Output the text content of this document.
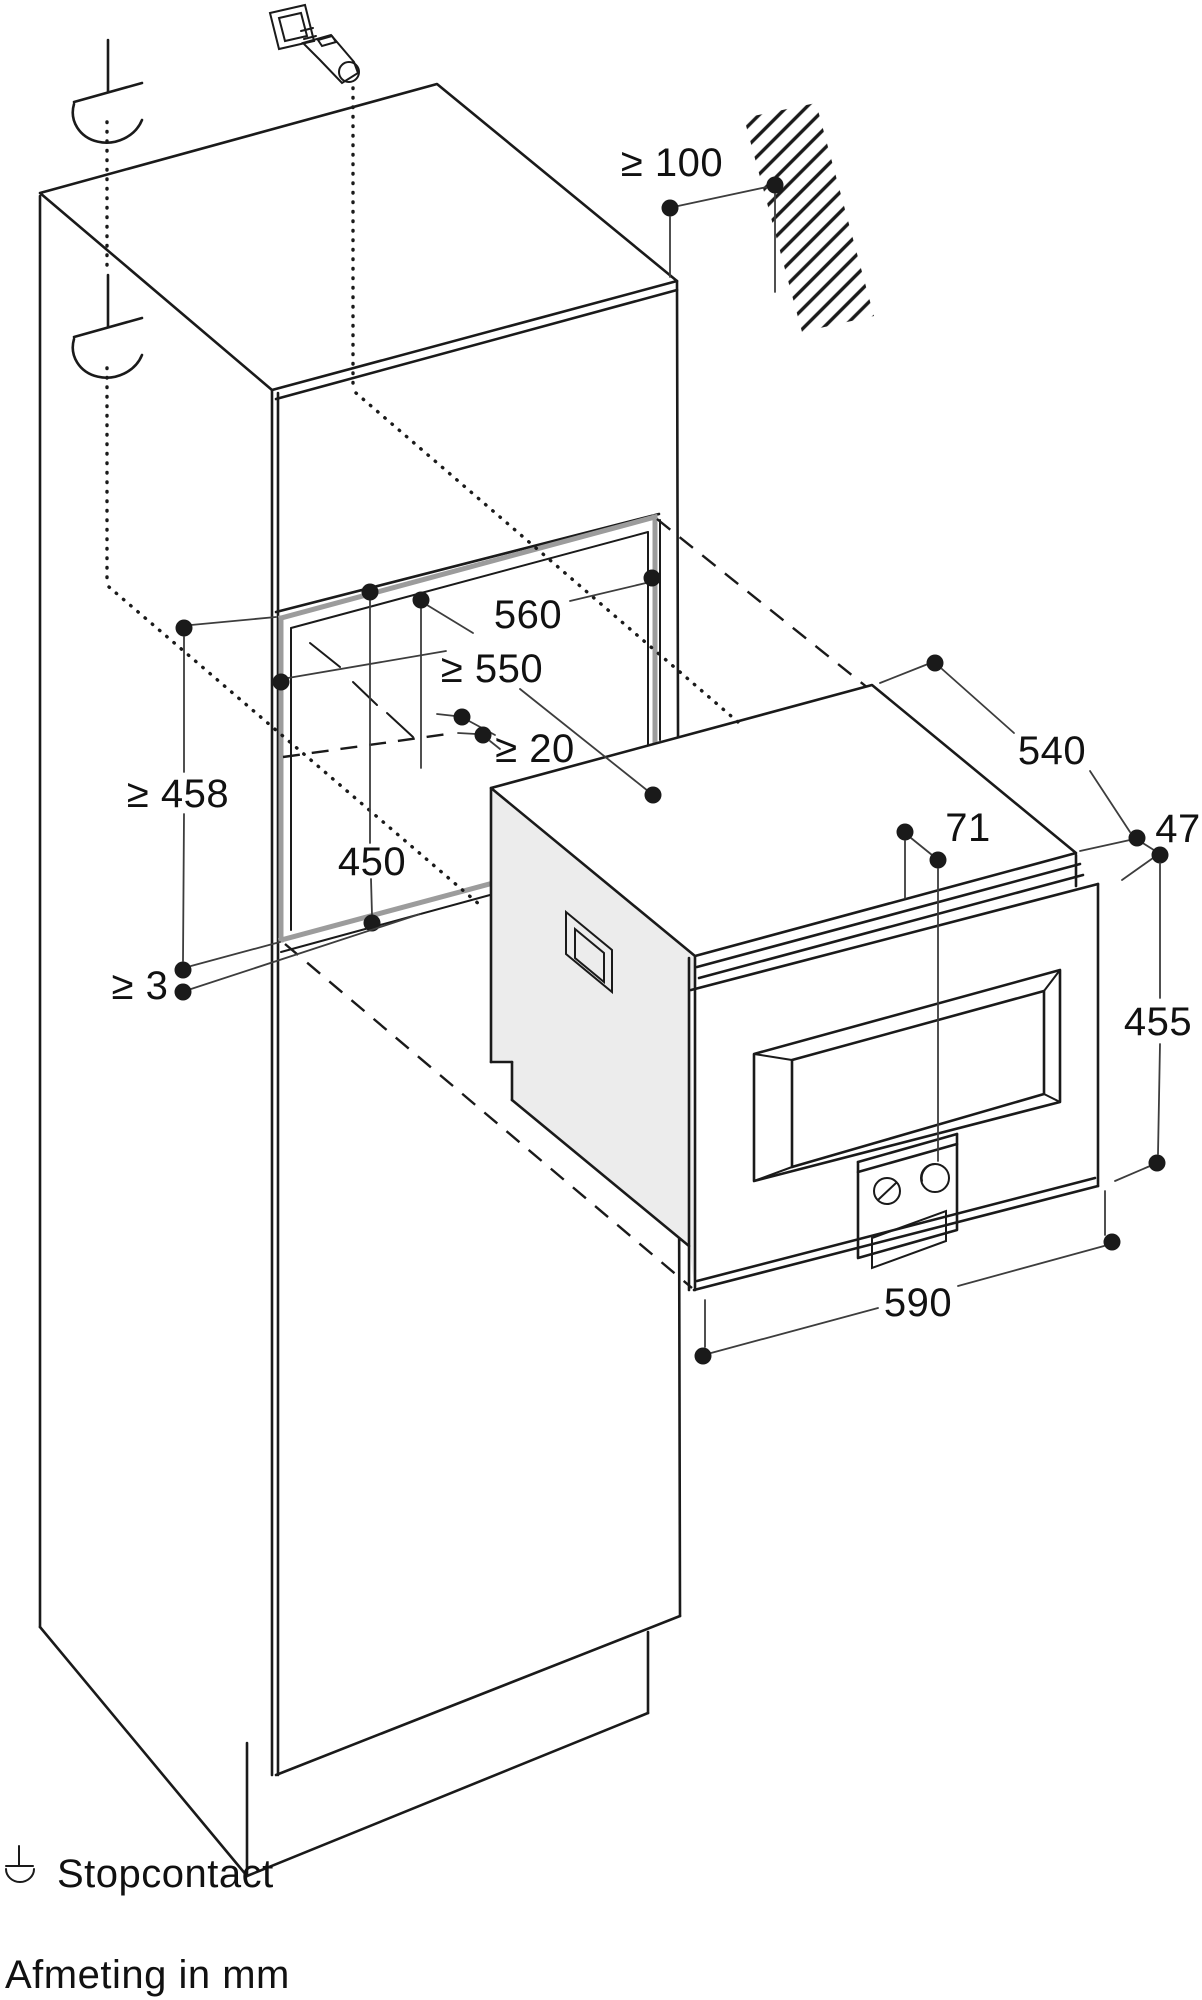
≥ 100
560
≥ 550
≥ 20	540
47
71
≥ 458
450
≥ 3
455
590
Stopcontact
Afmeting in mm
